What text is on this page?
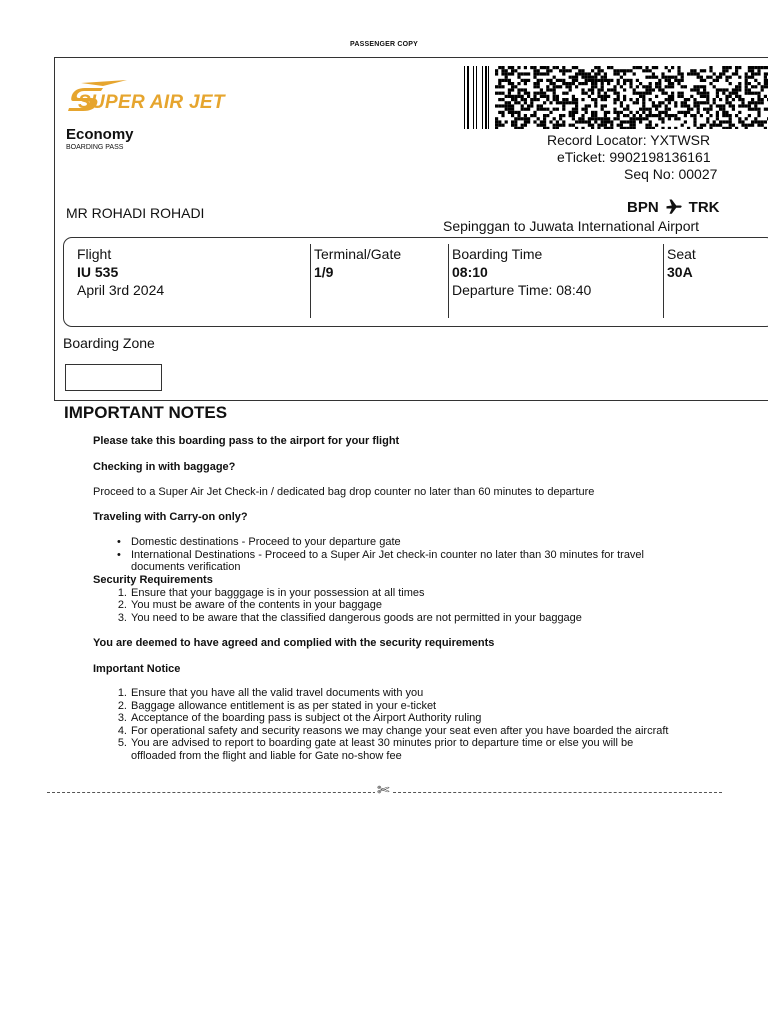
PASSENGER COPY
SUPER AIR JET
Economy
BOARDING PASS	Record Locator: YXTWSR
eTicket: 9902198136161
Seq No: 00027
MR ROHADI ROHADI	BPN TRK
Sepinggan to Juwata International Airport
Flight
IU 535
April 3rd 2024
Terminal/Gate
1/9
Boarding Time
08:10
Departure Time: 08:40
Seat
30A
Boarding Zone
IMPORTANT NOTES
Please take this boarding pass to the airport for your flight
Checking in with baggage?
Proceed to a Super Air Jet Check-in / dedicated bag drop counter no later than 60 minutes to departure
Traveling with Carry-on only?
• Domestic destinations - Proceed to your departure gate
• International Destinations - Proceed to a Super Air Jet check-in counter no later than 30 minutes for travel
documents verification
Security Requirements
1. Ensure that your bagggage is in your possession at all times
2. You must be aware of the contents in your baggage
3. You need to be aware that the classified dangerous goods are not permitted in your baggage
You are deemed to have agreed and complied with the security requirements
Important Notice
1. Ensure that you have all the valid travel documents with you
2. Baggage allowance entitlement is as per stated in your e-ticket
3. Acceptance of the boarding pass is subject ot the Airport Authority ruling
4. For operational safety and security reasons we may change your seat even after you have boarded the aircraft
5. You are advised to report to boarding gate at least 30 minutes prior to departure time or else you will be
offloaded from the flight and liable for Gate no-show fee
✄
